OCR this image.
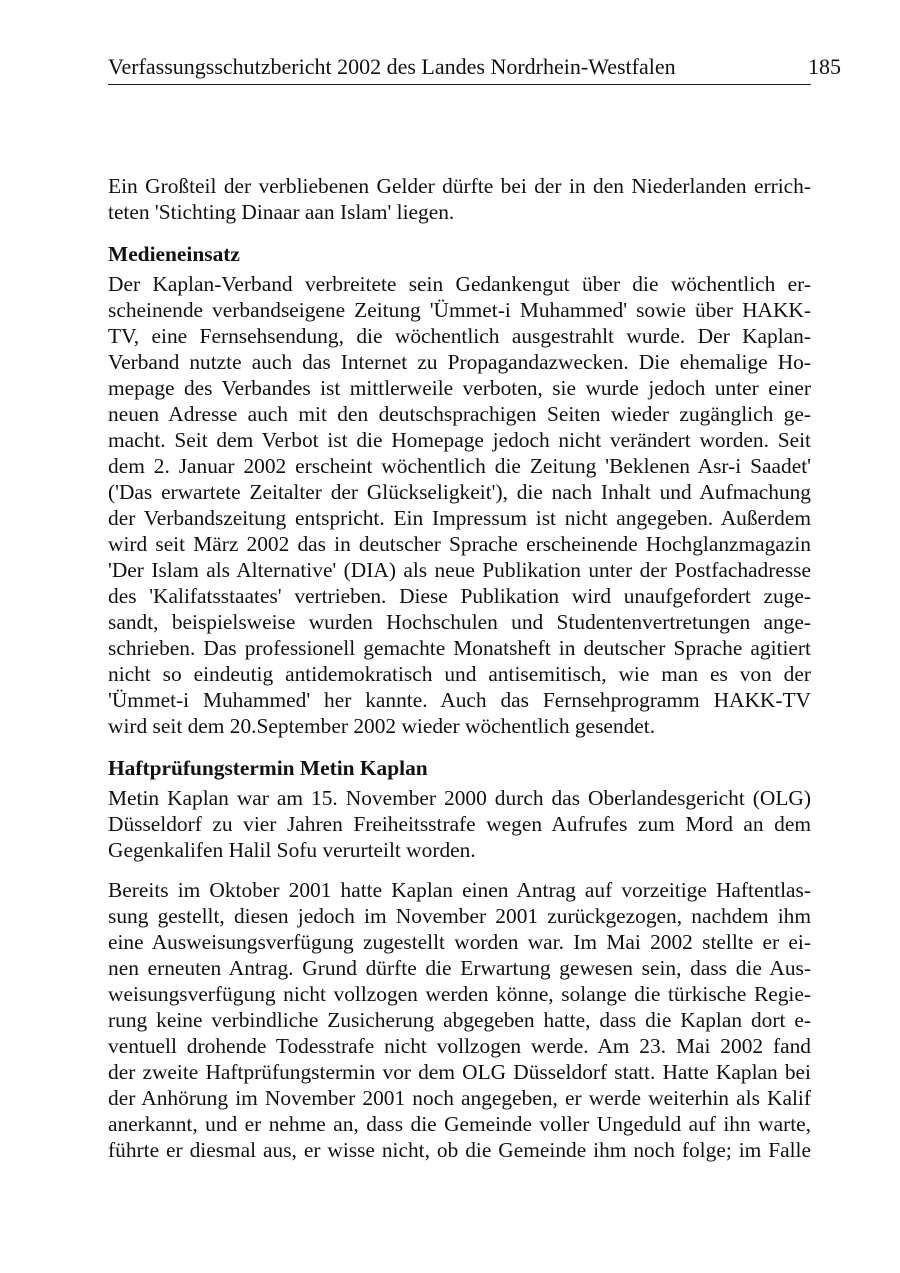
Verfassungsschutzbericht 2002 des Landes Nordrhein-Westfalen	185
Ein Großteil der verbliebenen Gelder dürfte bei der in den Niederlanden errich-
teten 'Stichting Dinaar aan Islam' liegen.
Medieneinsatz
Der Kaplan-Verband verbreitete sein Gedankengut über die wöchentlich er-
scheinende verbandseigene Zeitung 'Ümmet-i Muhammed' sowie über HAKK-
TV, eine Fernsehsendung, die wöchentlich ausgestrahlt wurde. Der Kaplan-
Verband nutzte auch das Internet zu Propagandazwecken. Die ehemalige Ho-
mepage des Verbandes ist mittlerweile verboten, sie wurde jedoch unter einer
neuen Adresse auch mit den deutschsprachigen Seiten wieder zugänglich ge-
macht. Seit dem Verbot ist die Homepage jedoch nicht verändert worden. Seit
dem 2. Januar 2002 erscheint wöchentlich die Zeitung 'Beklenen Asr-i Saadet'
('Das erwartete Zeitalter der Glückseligkeit'), die nach Inhalt und Aufmachung
der Verbandszeitung entspricht. Ein Impressum ist nicht angegeben. Außerdem
wird seit März 2002 das in deutscher Sprache erscheinende Hochglanzmagazin
'Der Islam als Alternative' (DIA) als neue Publikation unter der Postfachadresse
des 'Kalifatsstaates' vertrieben. Diese Publikation wird unaufgefordert zuge-
sandt, beispielsweise wurden Hochschulen und Studentenvertretungen ange-
schrieben. Das professionell gemachte Monatsheft in deutscher Sprache agitiert
nicht so eindeutig antidemokratisch und antisemitisch, wie man es von der
'Ümmet-i Muhammed' her kannte. Auch das Fernsehprogramm HAKK-TV
wird seit dem 20.September 2002 wieder wöchentlich gesendet.
Haftprüfungstermin Metin Kaplan
Metin Kaplan war am 15. November 2000 durch das Oberlandesgericht (OLG)
Düsseldorf zu vier Jahren Freiheitsstrafe wegen Aufrufes zum Mord an dem
Gegenkalifen Halil Sofu verurteilt worden.
Bereits im Oktober 2001 hatte Kaplan einen Antrag auf vorzeitige Haftentlas-
sung gestellt, diesen jedoch im November 2001 zurückgezogen, nachdem ihm
eine Ausweisungsverfügung zugestellt worden war. Im Mai 2002 stellte er ei-
nen erneuten Antrag. Grund dürfte die Erwartung gewesen sein, dass die Aus-
weisungsverfügung nicht vollzogen werden könne, solange die türkische Regie-
rung keine verbindliche Zusicherung abgegeben hatte, dass die Kaplan dort e-
ventuell drohende Todesstrafe nicht vollzogen werde. Am 23. Mai 2002 fand
der zweite Haftprüfungstermin vor dem OLG Düsseldorf statt. Hatte Kaplan bei
der Anhörung im November 2001 noch angegeben, er werde weiterhin als Kalif
anerkannt, und er nehme an, dass die Gemeinde voller Ungeduld auf ihn warte,
führte er diesmal aus, er wisse nicht, ob die Gemeinde ihm noch folge; im Falle
